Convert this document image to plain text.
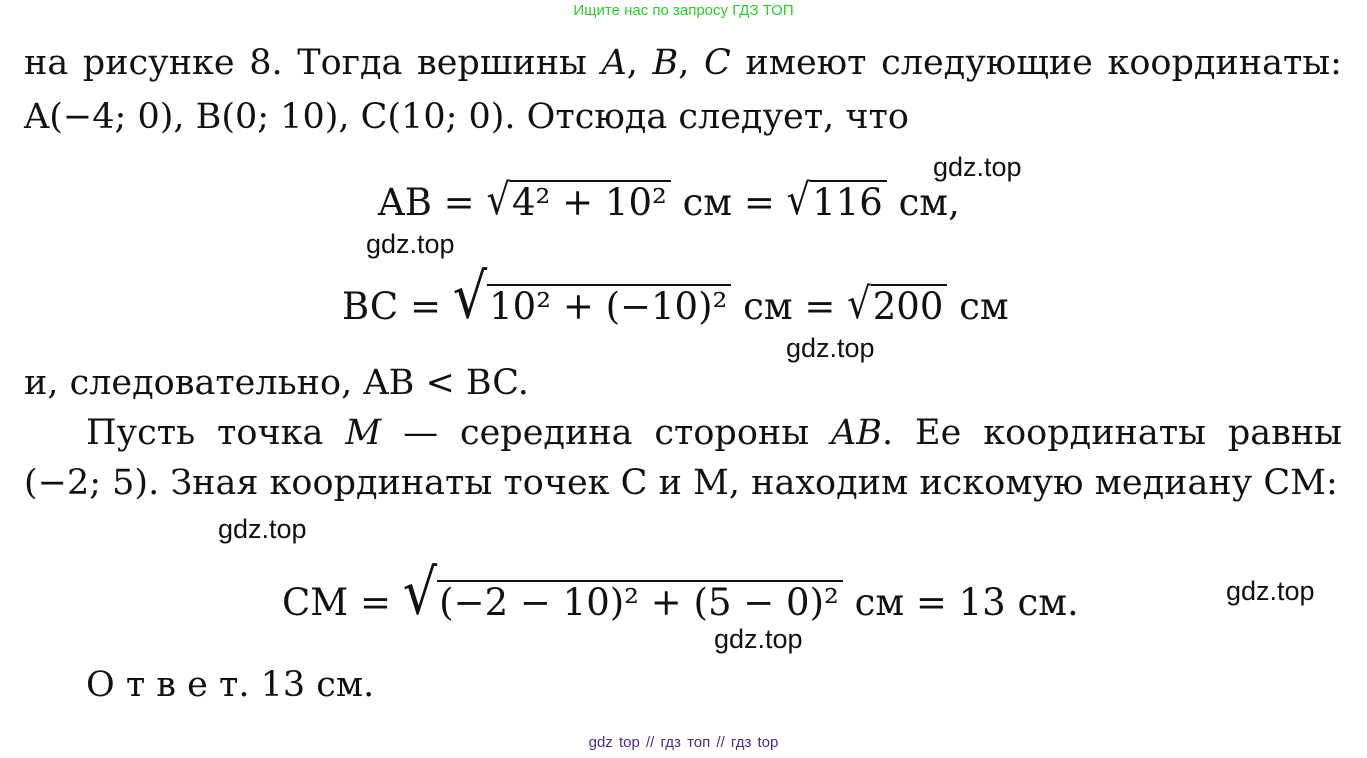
Ищите нас по запросу ГДЗ ТОП
на рисунке 8. Тогда вершины A, B, C имеют следующие координаты:
A(−4; 0), B(0; 10), C(10; 0). Отсюда следует, что
AB = √4² + 10² см = √116 см,
BC = √10² + (−10)² см = √200 см
и, следовательно, AB < BC.
Пусть точка M — середина стороны AB. Ее координаты равны
(−2; 5). Зная координаты точек C и M, находим искомую медиану CM:
CM = √(−2 − 10)² + (5 − 0)² см = 13 см.
О т в е т. 13 см.
gdz.top
gdz.top
gdz.top
gdz.top
gdz.top
gdz.top
gdz top // гдз топ // гдз top
